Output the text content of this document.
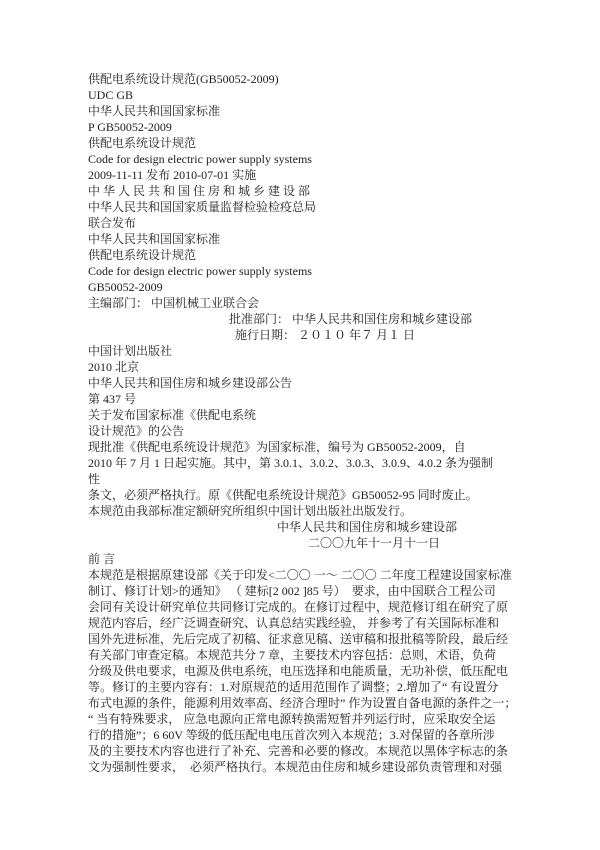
供配电系统设计规范(GB50052-2009)
UDC GB
中华人民共和国国家标准
P GB50052-2009
供配电系统设计规范
Code for design electric power supply systems
2009-11-11 发布 2010-07-01 实施
中 华 人 民 共 和 国 住 房 和 城 乡 建 设 部
中华人民共和国国家质量监督检验检疫总局
联合发布
中华人民共和国国家标准
供配电系统设计规范
Code for design electric power supply systems
GB50052-2009
主编部门： 中国机械工业联合会
批准部门： 中华人民共和国住房和城乡建设部
施行日期： ２０１０ 年７ 月１ 日
中国计划出版社
2010 北京
中华人民共和国住房和城乡建设部公告
第 437 号
关于发布国家标准《供配电系统
设计规范》的公告
现批准《供配电系统设计规范》为国家标准，编号为 GB50052-2009，自
2010 年 7 月 1 日起实施。其中，第 3.0.1、3.0.2、3.0.3、3.0.9、4.0.2 条为强制
性
条文，必须严格执行。原《供配电系统设计规范》GB50052-95 同时废止。
本规范由我部标准定额研究所组织中国计划出版社出版发行。
中华人民共和国住房和城乡建设部
二〇〇九年十一月十一日
前 言
本规范是根据原建设部《关于印发<二〇〇 一～ 二〇〇 二年度工程建设国家标准
制订、修订计划>的通知》 （ 建标[2 002 ]85 号）  要求，由中国联合工程公司
会同有关设计研究单位共同修订完成的。在修订过程中，规范修订组在研究了原
规范内容后，经广泛调查研究、认真总结实践经验， 并参考了有关国际标准和
国外先进标准，先后完成了初稿、征求意见稿、送审稿和报批稿等阶段，最后经
有关部门审查定稿。本规范共分 7 章，主要技术内容包括：总则，术语，负荷
分级及供电要求，电源及供电系统，电压选择和电能质量，无功补偿，低压配电
等。修订的主要内容有：1.对原规范的适用范围作了调整；2.增加了“ 有设置分
布式电源的条件，能源利用效率高、经济合理时” 作为设置自备电源的条件之一；
“ 当有特殊要求， 应急电源向正常电源转换需短暂并列运行时，应采取安全运
行的措施”；6 60V 等级的低压配电电压首次列入本规范；3.对保留的各章所涉
及的主要技术内容也进行了补充、完善和必要的修改。本规范以黑体字标志的条
文为强制性要求，  必须严格执行。本规范由住房和城乡建设部负责管理和对强
